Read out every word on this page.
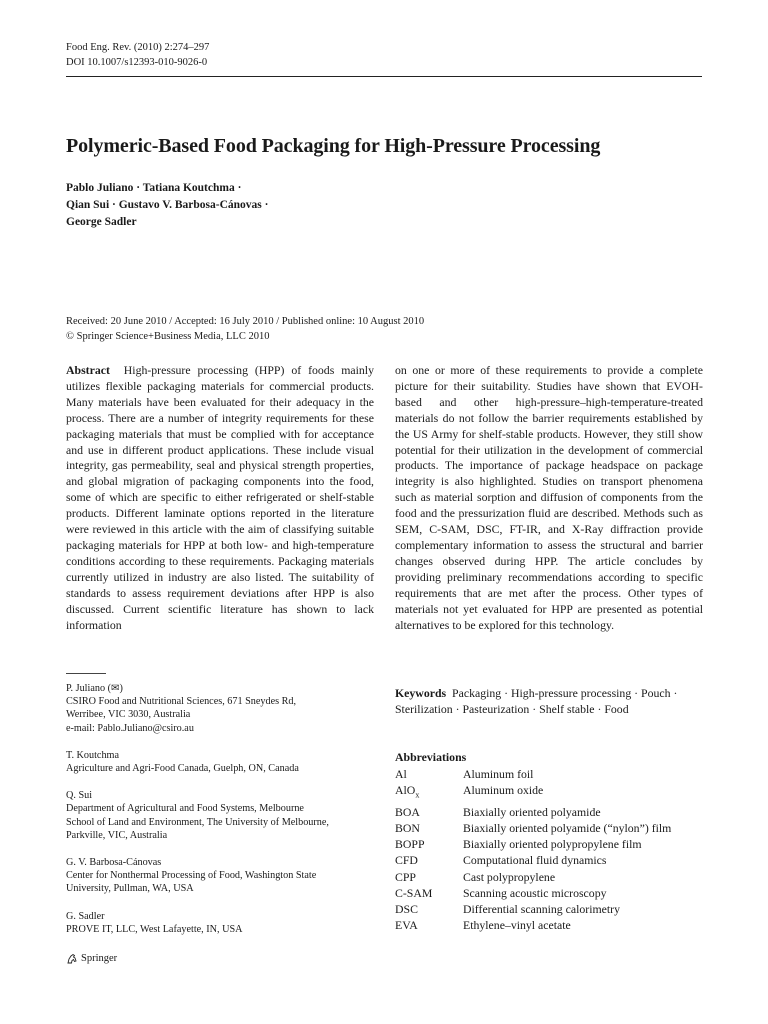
Food Eng. Rev. (2010) 2:274–297
DOI 10.1007/s12393-010-9026-0
Polymeric-Based Food Packaging for High-Pressure Processing
Pablo Juliano · Tatiana Koutchma ·
Qian Sui · Gustavo V. Barbosa-Cánovas ·
George Sadler
Received: 20 June 2010 / Accepted: 16 July 2010 / Published online: 10 August 2010
© Springer Science+Business Media, LLC 2010

Abstract High-pressure processing (HPP) of foods mainly utilizes flexible packaging materials for commercial products. Many materials have been evaluated for their adequacy in the process. There are a number of integrity requirements for these packaging materials that must be complied with for acceptance and use in different product applications. These include visual integrity, gas permeability, seal and physical strength properties, and global migration of packaging components into the food, some of which are specific to either refrigerated or shelf-stable products. Different laminate options reported in the literature were reviewed in this article with the aim of classifying suitable packaging materials for HPP at both low- and high-temperature conditions according to these requirements. Packaging materials currently utilized in industry are also listed. The suitability of standards to assess requirement deviations after HPP is also discussed. Current scientific literature has shown to lack information

on one or more of these requirements to provide a complete picture for their suitability. Studies have shown that EVOH-based and other high-pressure–high-temperature-treated materials do not follow the barrier requirements established by the US Army for shelf-stable products. However, they still show potential for their utilization in the development of commercial products. The importance of package headspace on package integrity is also highlighted. Studies on transport phenomena such as material sorption and diffusion of components from the food and the pressurization fluid are described. Methods such as SEM, C-SAM, DSC, FT-IR, and X-Ray diffraction provide complementary information to assess the structural and barrier changes observed during HPP. The article concludes by providing preliminary recommendations according to specific requirements that are met after the process. Other types of materials not yet evaluated for HPP are presented as potential alternatives to be explored for this technology.

P. Juliano (✉)
CSIRO Food and Nutritional Sciences, 671 Sneydes Rd,
Werribee, VIC 3030, Australia
e-mail: Pablo.Juliano@csiro.au
T. Koutchma
Agriculture and Agri-Food Canada, Guelph, ON, Canada
Q. Sui
Department of Agricultural and Food Systems, Melbourne
School of Land and Environment, The University of Melbourne,
Parkville, VIC, Australia
G. V. Barbosa-Cánovas
Center for Nonthermal Processing of Food, Washington State
University, Pullman, WA, USA
G. Sadler
PROVE IT, LLC, West Lafayette, IN, USA
Keywords Packaging · High-pressure processing · Pouch · Sterilization · Pasteurization · Shelf stable · Food
Abbreviations
Al	Aluminum foil
AlO$_x$	Aluminum oxide
BOA	Biaxially oriented polyamide
BON	Biaxially oriented polyamide (“nylon”) film
BOPP	Biaxially oriented polypropylene film
CFD	Computational fluid dynamics
CPP	Cast polypropylene
C-SAM	Scanning acoustic microscopy
DSC	Differential scanning calorimetry
EVA	Ethylene–vinyl acetate
Springer
